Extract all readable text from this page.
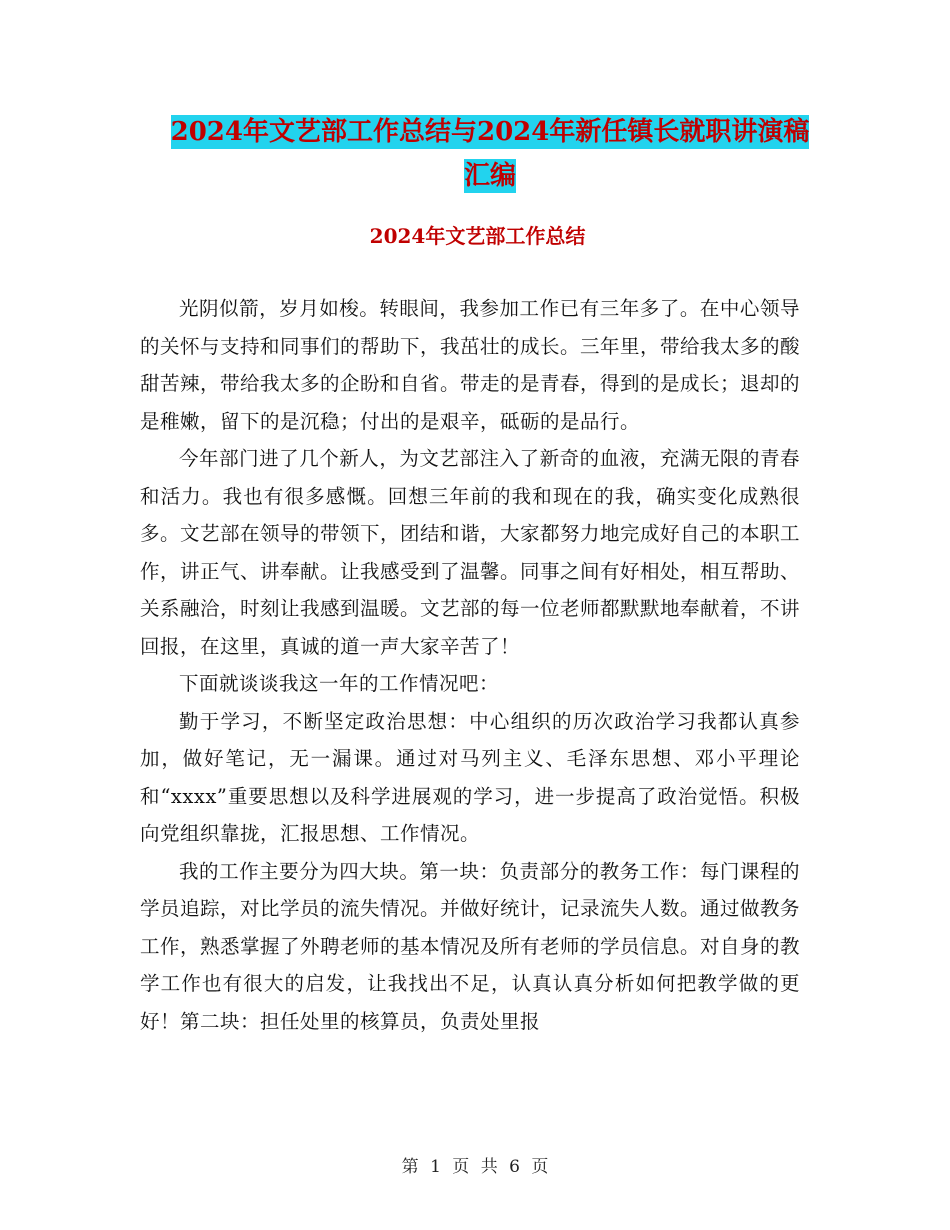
2024年文艺部工作总结与2024年新任镇长就职讲演稿
汇编
2024年文艺部工作总结

光阴似箭，岁月如梭。转眼间，我参加工作已有三年多了。在中心领导的关怀与支持和同事们的帮助下，我茁壮的成长。三年里，带给我太多的酸甜苦辣，带给我太多的企盼和自省。带走的是青春，得到的是成长；退却的是稚嫩，留下的是沉稳；付出的是艰辛，砥砺的是品行。

今年部门进了几个新人，为文艺部注入了新奇的血液，充满无限的青春和活力。我也有很多感慨。回想三年前的我和现在的我，确实变化成熟很多。文艺部在领导的带领下，团结和谐，大家都努力地完成好自己的本职工作，讲正气、讲奉献。让我感受到了温馨。同事之间有好相处，相互帮助、关系融洽，时刻让我感到温暖。文艺部的每一位老师都默默地奉献着，不讲回报，在这里，真诚的道一声大家辛苦了！

下面就谈谈我这一年的工作情况吧：

勤于学习，不断坚定政治思想：中心组织的历次政治学习我都认真参加，做好笔记，无一漏课。通过对马列主义、毛泽东思想、邓小平理论和“xxxx”重要思想以及科学进展观的学习，进一步提高了政治觉悟。积极向党组织靠拢，汇报思想、工作情况。

我的工作主要分为四大块。第一块：负责部分的教务工作：每门课程的学员追踪，对比学员的流失情况。并做好统计，记录流失人数。通过做教务工作，熟悉掌握了外聘老师的基本情况及所有老师的学员信息。对自身的教学工作也有很大的启发，让我找出不足，认真认真分析如何把教学做的更好！第二块：担任处里的核算员，负责处里报

第 1 页 共 6 页
